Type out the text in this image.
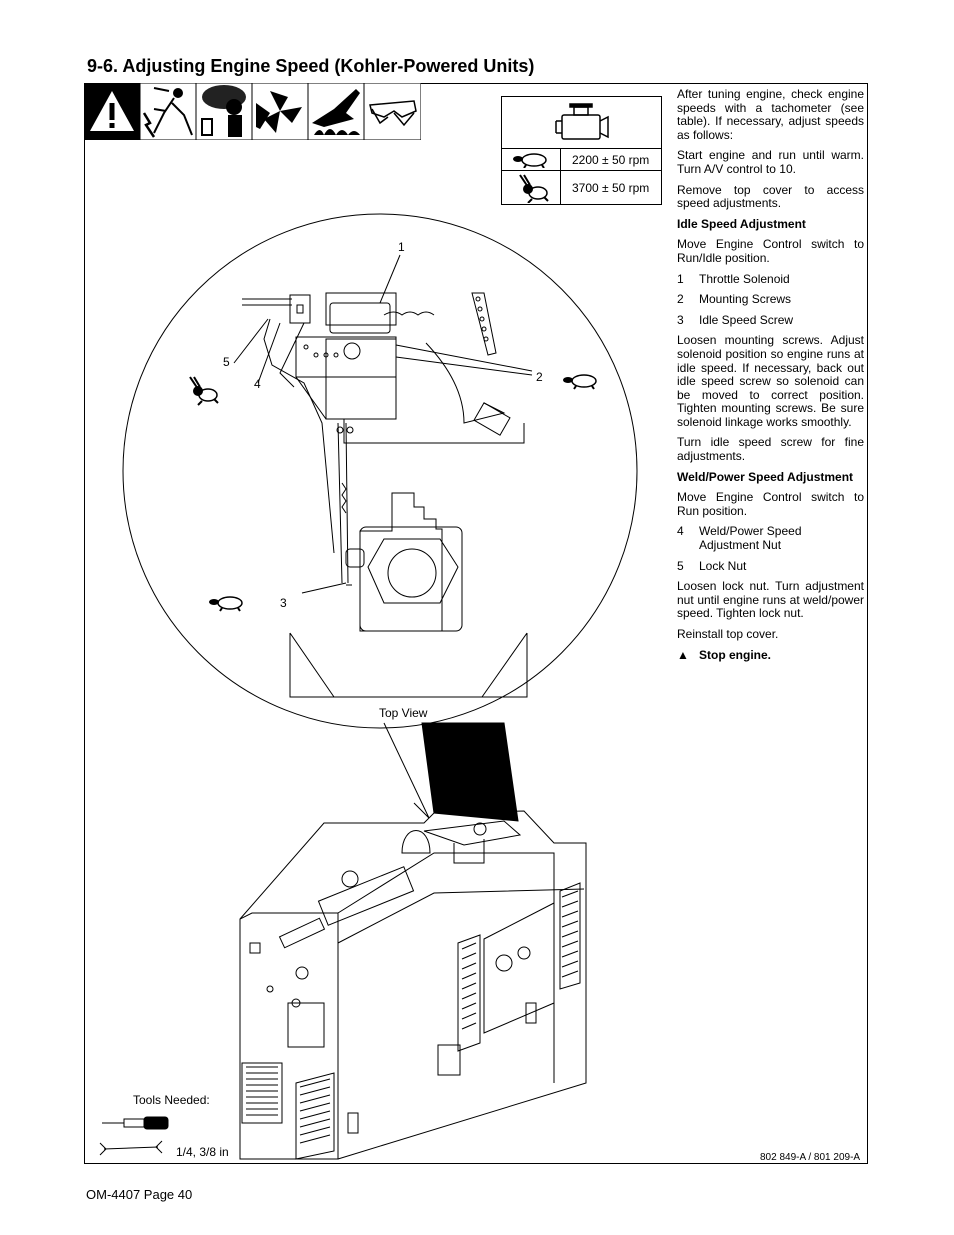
9-6. Adjusting Engine Speed (Kohler-Powered Units)
2200 ± 50 rpm
3700 ± 50 rpm
1
2
3
4
5
Top View
Tools Needed:
1/4, 3/8 in	802 849-A / 801 209-A

After tuning engine, check engine speeds with a tachometer (see table). If necessary, adjust speeds as follows:

Start engine and run until warm. Turn A/V control to 10.

Remove top cover to access speed adjustments.

Idle Speed Adjustment

Move Engine Control switch to Run/Idle position.

1	Throttle Solenoid
2	Mounting Screws
3	Idle Speed Screw

Loosen mounting screws. Adjust solenoid position so engine runs at idle speed. If necessary, back out idle speed screw so solenoid can be moved to correct position. Tighten mounting screws. Be sure solenoid linkage works smoothly.

Turn idle speed screw for fine adjustments.

Weld/Power Speed Adjustment

Move Engine Control switch to Run position.

4	Weld/Power Speed Adjustment Nut
5	Lock Nut

Loosen lock nut. Turn adjustment nut until engine runs at weld/power speed. Tighten lock nut.

Reinstall top cover.

▲ Stop engine.
OM-4407 Page 40
